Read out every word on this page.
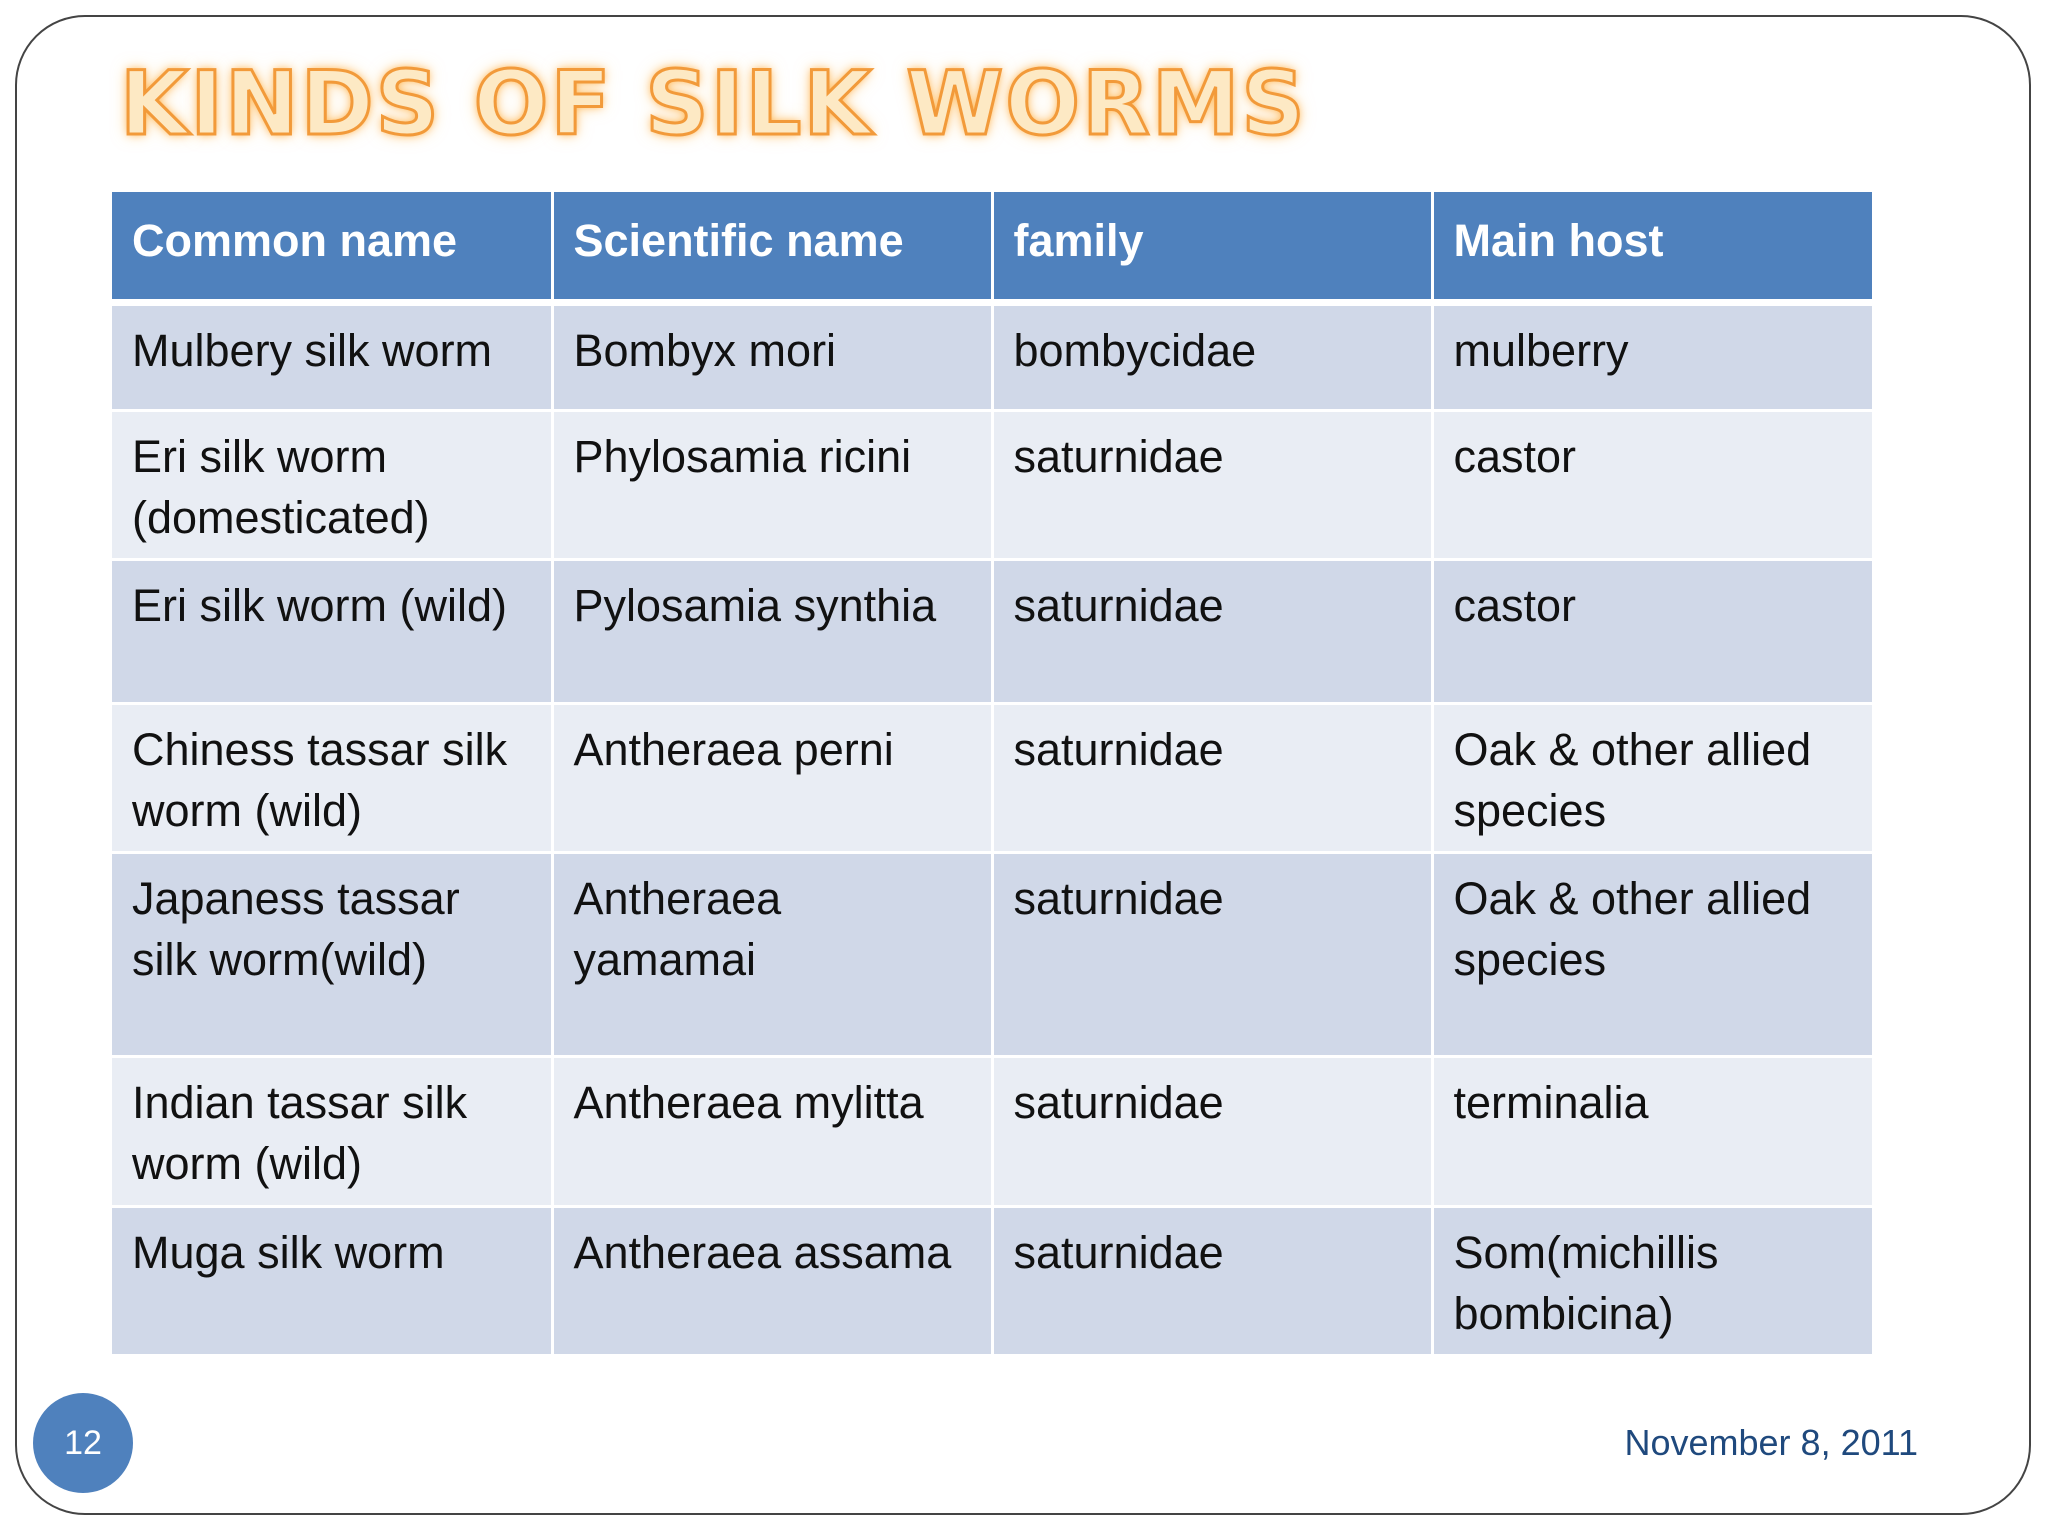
KINDS OF SILK WORMS
Common name	Scientific name	family	Main host
Mulbery silk worm	Bombyx mori	bombycidae	mulberry
Eri silk worm (domesticated)	Phylosamia ricini	saturnidae	castor
Eri silk worm (wild)	Pylosamia synthia	saturnidae	castor
Chiness tassar silk worm (wild)	Antheraea perni	saturnidae	Oak & other allied species
Japaness tassar silk worm(wild)	Antheraea yamamai	saturnidae	Oak & other allied species
Indian tassar silk worm (wild)	Antheraea mylitta	saturnidae	terminalia
Muga silk worm	Antheraea assama	saturnidae	Som(michillis bombicina)
12	November 8, 2011
